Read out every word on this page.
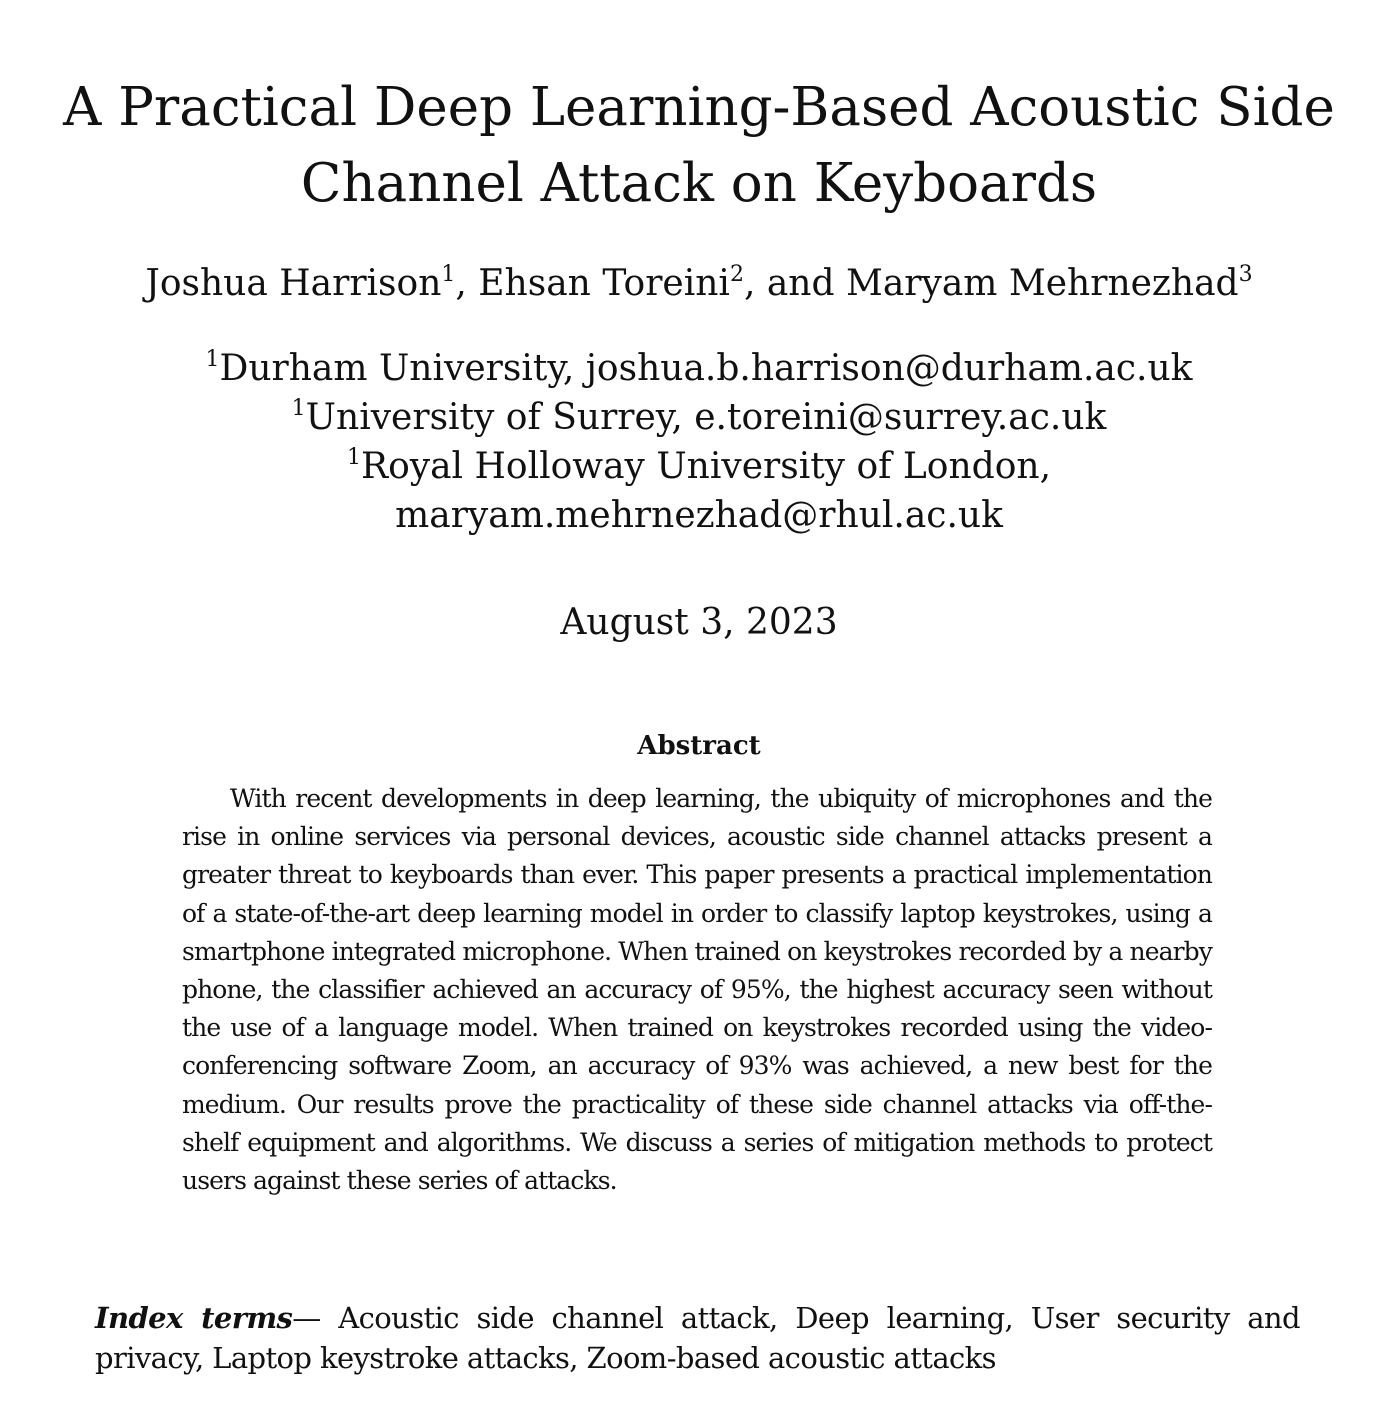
A Practical Deep Learning-Based Acoustic Side
Channel Attack on Keyboards
Joshua Harrison$^1$, Ehsan Toreini$^2$, and Maryam Mehrnezhad$^3$
$^1$Durham University, joshua.b.harrison@durham.ac.uk
$^1$University of Surrey, e.toreini@surrey.ac.uk
$^1$Royal Holloway University of London,
maryam.mehrnezhad@rhul.ac.uk
August 3, 2023
Abstract

With recent developments in deep learning, the ubiquity of microphones and the rise in online services via personal devices, acoustic side channel attacks present a greater threat to keyboards than ever. This paper presents a practical implementation of a state-of-the-art deep learning model in order to classify laptop keystrokes, using a smartphone integrated microphone. When trained on keystrokes recorded by a nearby phone, the classifier achieved an accuracy of 95%, the highest accuracy seen without the use of a language model. When trained on keystrokes recorded using the video-conferencing software Zoom, an accuracy of 93% was achieved, a new best for the medium. Our results prove the practicality of these side channel attacks via off-the-shelf equipment and algorithms. We discuss a series of mitigation methods to protect users against these series of attacks.

Index terms— Acoustic side channel attack, Deep learning, User security and privacy, Laptop keystroke attacks, Zoom-based acoustic attacks
